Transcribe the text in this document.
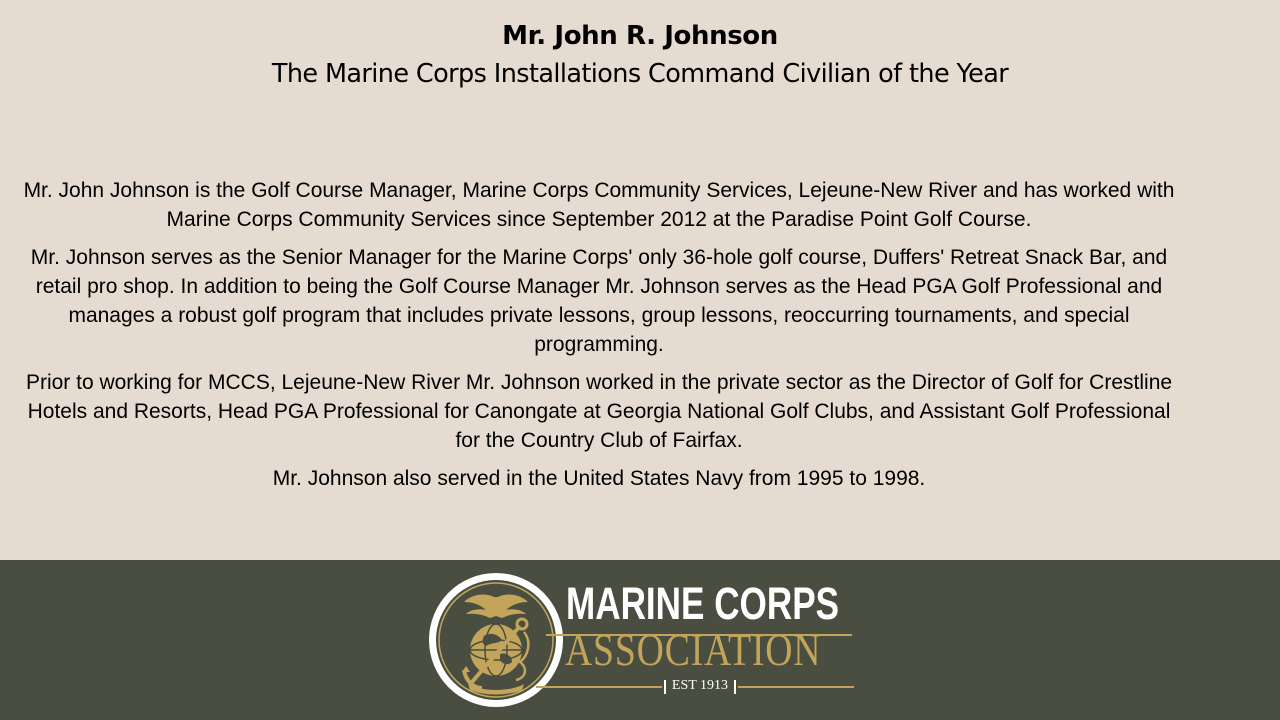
Mr. John R. Johnson
The Marine Corps Installations Command Civilian of the Year

Mr. John Johnson is the Golf Course Manager, Marine Corps Community Services, Lejeune-New River and has worked with Marine Corps Community Services since September 2012 at the Paradise Point Golf Course.

Mr. Johnson serves as the Senior Manager for the Marine Corps' only 36-hole golf course, Duffers' Retreat Snack Bar, and retail pro shop. In addition to being the Golf Course Manager Mr. Johnson serves as the Head PGA Golf Professional and manages a robust golf program that includes private lessons, group lessons, reoccurring tournaments, and special programming.

Prior to working for MCCS, Lejeune-New River Mr. Johnson worked in the private sector as the Director of Golf for Crestline Hotels and Resorts, Head PGA Professional for Canongate at Georgia National Golf Clubs, and Assistant Golf Professional for the Country Club of Fairfax.

Mr. Johnson also served in the United States Navy from 1995 to 1998.

MARINE CORPS
ASSOCIATION
EST 1913
